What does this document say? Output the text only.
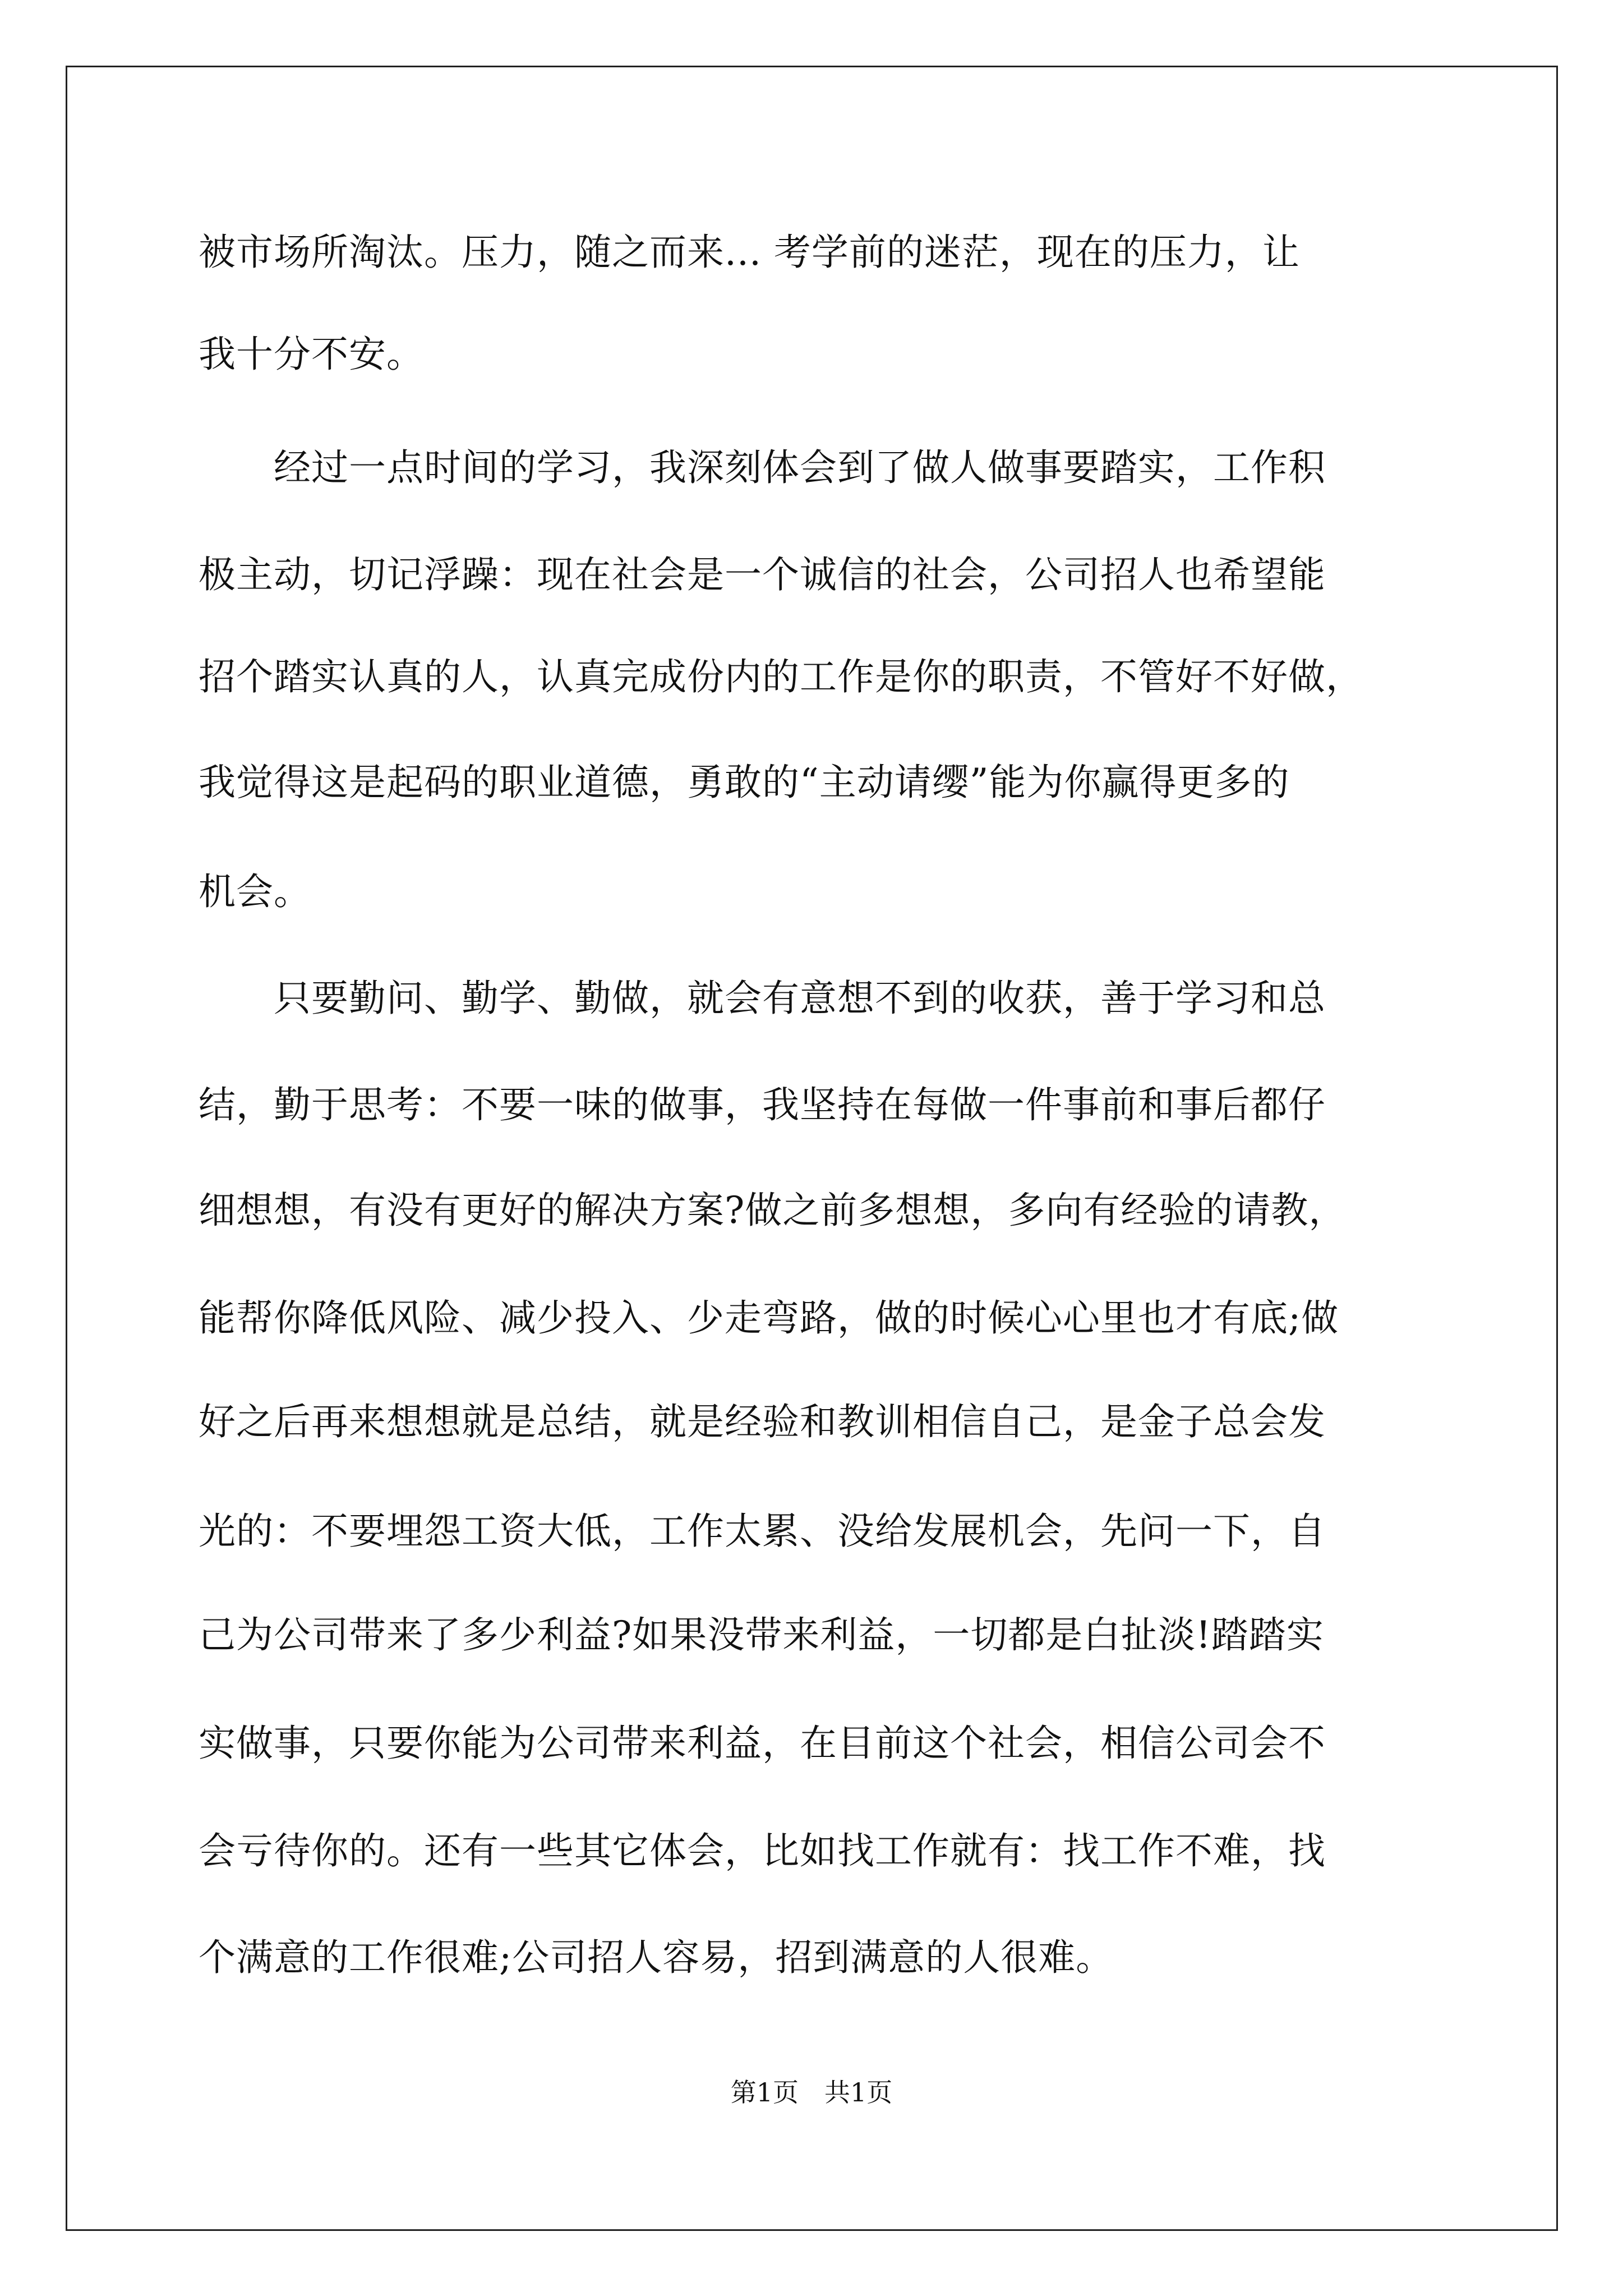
被市场所淘汰。压力，随之而来... 考学前的迷茫，现在的压力，让
我十分不安。
　　经过一点时间的学习，我深刻体会到了做人做事要踏实，工作积
极主动，切记浮躁：现在社会是一个诚信的社会，公司招人也希望能
招个踏实认真的人，认真完成份内的工作是你的职责，不管好不好做，
我觉得这是起码的职业道德，勇敢的“主动请缨”能为你赢得更多的
机会。
　　只要勤问、勤学、勤做，就会有意想不到的收获，善于学习和总
结，勤于思考：不要一味的做事，我坚持在每做一件事前和事后都仔
细想想，有没有更好的解决方案?做之前多想想，多向有经验的请教，
能帮你降低风险、减少投入、少走弯路，做的时候心心里也才有底;做
好之后再来想想就是总结，就是经验和教训相信自己，是金子总会发
光的：不要埋怨工资大低，工作太累、没给发展机会，先问一下，自
己为公司带来了多少利益?如果没带来利益，一切都是白扯淡!踏踏实
实做事，只要你能为公司带来利益，在目前这个社会，相信公司会不
会亏待你的。还有一些其它体会，比如找工作就有：找工作不难，找
个满意的工作很难;公司招人容易，招到满意的人很难。
第1页　共1页
